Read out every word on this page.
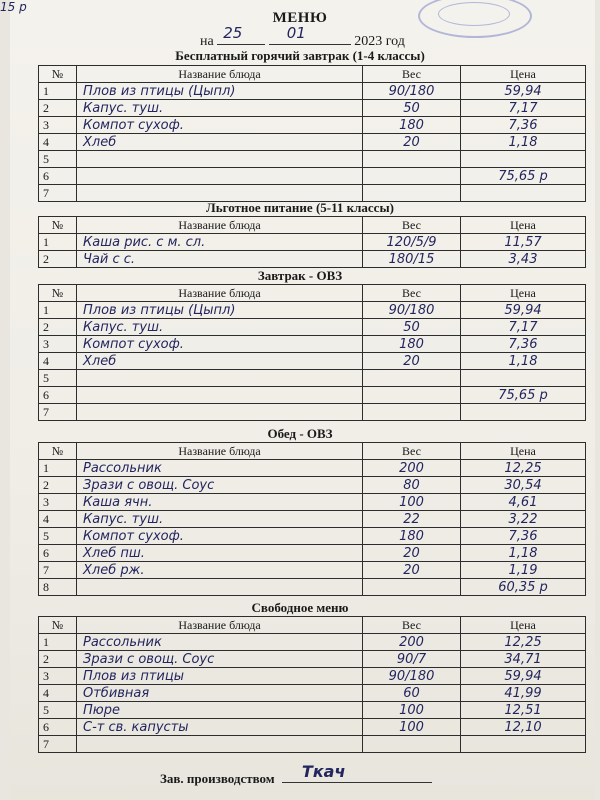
МЕНЮ
на 25
	01	2023 год
Бесплатный горячий завтрак (1-4 классы)
№	Название блюда	Вес	Цена
1	Плов из птицы (Цыпл)	90/180	59,94
2	Капус. туш.	50	7,17
3	Компот сухоф.	180	7,36
4	Хлеб	20	1,18
5			
6			75,65 р
7			
Льготное питание (5-11 классы)
№	Название блюда	Вес	Цена
1	Каша рис. с м. сл.	120/5/9	11,57
2	Чай с с.	180/15	3,43
15 р
Завтрак - ОВЗ
№	Название блюда	Вес	Цена
1	Плов из птицы (Цыпл)	90/180	59,94
2	Капус. туш.	50	7,17
3	Компот сухоф.	180	7,36
4	Хлеб	20	1,18
5			
6			75,65 р
7			
Обед - ОВЗ
№	Название блюда	Вес	Цена
1	Рассольник	200	12,25
2	Зрази с овощ. Соус	80	30,54
3	Каша ячн.	100	4,61
4	Капус. туш.	22	3,22
5	Компот сухоф.	180	7,36
6	Хлеб пш.	20	1,18
7	Хлеб рж.	20	1,19
8			60,35 р
Свободное меню
№	Название блюда	Вес	Цена
1	Рассольник	200	12,25
2	Зрази с овощ. Соус	90/7	34,71
3	Плов из птицы	90/180	59,94
4	Отбивная	60	41,99
5	Пюре	100	12,51
6	С-т св. капусты	100	12,10
7			
Зав. производством Ткач
